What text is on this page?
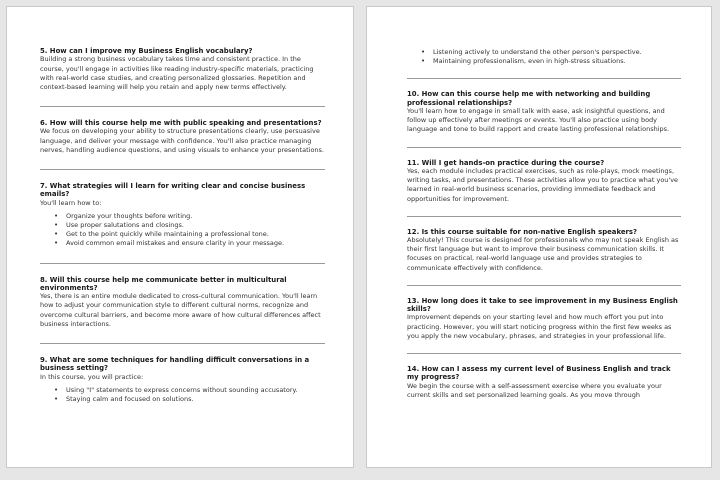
5. How can I improve my Business English vocabulary?
Building a strong business vocabulary takes time and consistent practice. In the course, you'll engage in activities like reading industry-specific materials, practicing with real-world case studies, and creating personalized glossaries. Repetition and context-based learning will help you retain and apply new terms effectively.
6. How will this course help me with public speaking and presentations?
We focus on developing your ability to structure presentations clearly, use persuasive language, and deliver your message with confidence. You'll also practice managing nerves, handling audience questions, and using visuals to enhance your presentations.
7. What strategies will I learn for writing clear and concise business emails?
You'll learn how to:
• Organize your thoughts before writing.
• Use proper salutations and closings.
• Get to the point quickly while maintaining a professional tone.
• Avoid common email mistakes and ensure clarity in your message.
8. Will this course help me communicate better in multicultural environments?
Yes, there is an entire module dedicated to cross-cultural communication. You'll learn how to adjust your communication style to different cultural norms, recognize and overcome cultural barriers, and become more aware of how cultural differences affect business interactions.
9. What are some techniques for handling difficult conversations in a business setting?
In this course, you will practice:
• Using "I" statements to express concerns without sounding accusatory.
• Staying calm and focused on solutions.
• Listening actively to understand the other person's perspective.
• Maintaining professionalism, even in high-stress situations.
10. How can this course help me with networking and building professional relationships?
You'll learn how to engage in small talk with ease, ask insightful questions, and follow up effectively after meetings or events. You'll also practice using body language and tone to build rapport and create lasting professional relationships.
11. Will I get hands-on practice during the course?
Yes, each module includes practical exercises, such as role-plays, mock meetings, writing tasks, and presentations. These activities allow you to practice what you've learned in real-world business scenarios, providing immediate feedback and opportunities for improvement.
12. Is this course suitable for non-native English speakers?
Absolutely! This course is designed for professionals who may not speak English as their first language but want to improve their business communication skills. It focuses on practical, real-world language use and provides strategies to communicate effectively with confidence.
13. How long does it take to see improvement in my Business English skills?
Improvement depends on your starting level and how much effort you put into practicing. However, you will start noticing progress within the first few weeks as you apply the new vocabulary, phrases, and strategies in your professional life.
14. How can I assess my current level of Business English and track my progress?
We begin the course with a self-assessment exercise where you evaluate your current skills and set personalized learning goals. As you move through
